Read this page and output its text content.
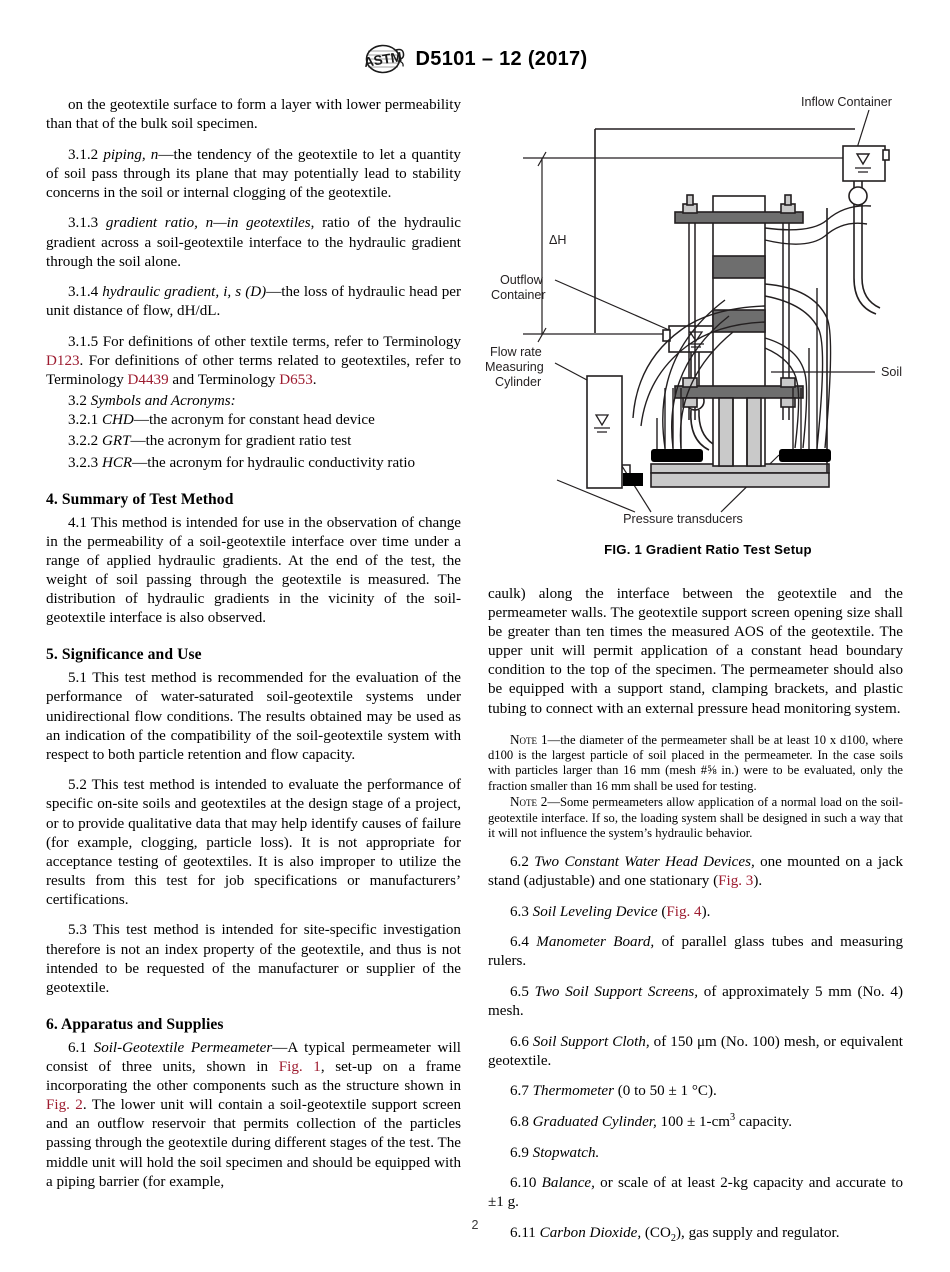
ASTM D5101 – 12 (2017)

on the geotextile surface to form a layer with lower permeability than that of the bulk soil specimen.

3.1.2 piping, n—the tendency of the geotextile to let a quantity of soil pass through its plane that may potentially lead to stability concerns in the soil or internal clogging of the geotextile.

3.1.3 gradient ratio, n—in geotextiles, ratio of the hydraulic gradient across a soil-geotextile interface to the hydraulic gradient through the soil alone.

3.1.4 hydraulic gradient, i, s (D)—the loss of hydraulic head per unit distance of flow, dH/dL.

3.1.5 For definitions of other textile terms, refer to Terminology D123. For definitions of other terms related to geotextiles, refer to Terminology D4439 and Terminology D653.

3.2 Symbols and Acronyms:

3.2.1 CHD—the acronym for constant head device

3.2.2 GRT—the acronym for gradient ratio test

3.2.3 HCR—the acronym for hydraulic conductivity ratio

4. Summary of Test Method

4.1 This method is intended for use in the observation of change in the permeability of a soil-geotextile interface over time under a range of applied hydraulic gradients. At the end of the test, the weight of soil passing through the geotextile is measured. The distribution of hydraulic gradients in the vicinity of the soil-geotextile interface is also observed.

5. Significance and Use

5.1 This test method is recommended for the evaluation of the performance of water-saturated soil-geotextile systems under unidirectional flow conditions. The results obtained may be used as an indication of the compatibility of the soil-geotextile system with respect to both particle retention and flow capacity.

5.2 This test method is intended to evaluate the performance of specific on-site soils and geotextiles at the design stage of a project, or to provide qualitative data that may help identify causes of failure (for example, clogging, particle loss). It is not appropriate for acceptance testing of geotextiles. It is also improper to utilize the results from this test for job specifications or manufacturers’ certifications.

5.3 This test method is intended for site-specific investigation therefore is not an index property of the geotextile, and thus is not intended to be requested of the manufacturer or supplier of the geotextile.

6. Apparatus and Supplies

6.1 Soil-Geotextile Permeameter—A typical permeameter will consist of three units, shown in Fig. 1, set-up on a frame incorporating the other components such as the structure shown in Fig. 2. The lower unit will contain a soil-geotextile support screen and an outflow reservoir that permits collection of the particles passing through the geotextile during different stages of the test. The middle unit will hold the soil specimen and should be equipped with a piping barrier (for example,

Inflow Container
Outflow
Container
ΔH
Flow rate
Measuring
Cylinder
Soil
Pressure transducers
FIG. 1 Gradient Ratio Test Setup

caulk) along the interface between the geotextile and the permeameter walls. The geotextile support screen opening size shall be greater than ten times the measured AOS of the geotextile. The upper unit will permit application of a constant head boundary condition to the top of the specimen. The permeameter should also be equipped with a support stand, clamping brackets, and plastic tubing to connect with an external pressure head monitoring system.

Note 1—the diameter of the permeameter shall be at least 10 x d100, where d100 is the largest particle of soil placed in the permeameter. In the case soils with particles larger than 16 mm (mesh #⅝ in.) were to be evaluated, only the fraction smaller than 16 mm shall be used for testing.

Note 2—Some permeameters allow application of a normal load on the soil-geotextile interface. If so, the loading system shall be designed in such a way that it will not influence the system’s hydraulic behavior.

6.2 Two Constant Water Head Devices, one mounted on a jack stand (adjustable) and one stationary (Fig. 3).

6.3 Soil Leveling Device (Fig. 4).

6.4 Manometer Board, of parallel glass tubes and measuring rulers.

6.5 Two Soil Support Screens, of approximately 5 mm (No. 4) mesh.

6.6 Soil Support Cloth, of 150 μm (No. 100) mesh, or equivalent geotextile.

6.7 Thermometer (0 to 50 ± 1 °C).

6.8 Graduated Cylinder, $100 \pm 1-cm^3$ capacity.

6.9 Stopwatch.

6.10 Balance, or scale of at least 2-kg capacity and accurate to ±1 g.

6.11 Carbon Dioxide, $(CO_2)$, gas supply and regulator.

2
